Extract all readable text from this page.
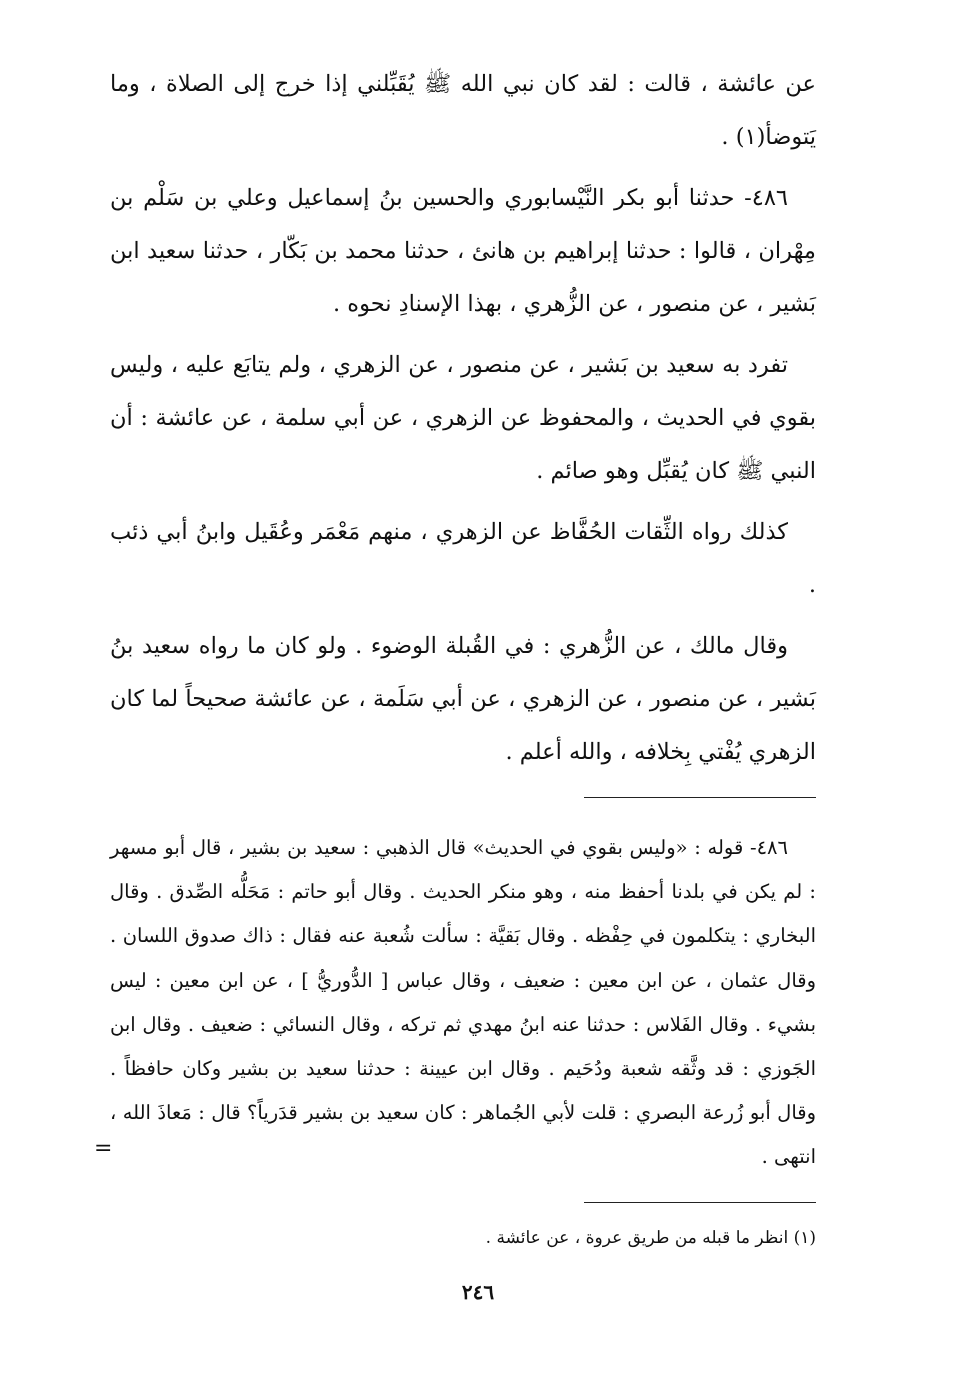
عن عائشة ، قالت : لقد كان نبي الله ﷺ يُقَبِّلني إذا خرج إلى الصلاة ، وما يَتوضأ(١) .

٤٨٦- حدثنا أبو بكر النَّيْسابوري والحسين بنُ إسماعيل وعلي بن سَلْم بن مِهْران ، قالوا : حدثنا إبراهيم بن هانئ ، حدثنا محمد بن بَكّار ، حدثنا سعيد ابن بَشير ، عن منصور ، عن الزُّهري ، بهذا الإسنادِ نحوه .

تفرد به سعيد بن بَشير ، عن منصور ، عن الزهري ، ولم يتابَع عليه ، وليس بقوي في الحديث ، والمحفوظ عن الزهري ، عن أبي سلمة ، عن عائشة : أن النبي ﷺ كان يُقبِّل وهو صائم .

كذلك رواه الثِّقات الحُفَّاظ عن الزهري ، منهم مَعْمَر وعُقَيل وابنُ أبي ذئب .

وقال مالك ، عن الزُّهري : في القُبلة الوضوء . ولو كان ما رواه سعيد بنُ بَشير ، عن منصور ، عن الزهري ، عن أبي سَلَمة ، عن عائشة صحيحاً لما كان الزهري يُفْتي بِخلافه ، والله أعلم .

٤٨٦- قوله : «وليس بقوي في الحديث» قال الذهبي : سعيد بن بشير ، قال أبو مسهر : لم يكن في بلدنا أحفظ منه ، وهو منكر الحديث . وقال أبو حاتم : مَحَلُّه الصِّدق . وقال البخاري : يتكلمون في حِفْظه . وقال بَقيَّة : سألت شُعبة عنه فقال : ذاك صدوق اللسان . وقال عثمان ، عن ابن معين : ضعيف ، وقال عباس [ الدُّوريُّ ] ، عن ابن معين : ليس بشيء . وقال الفَلاس : حدثنا عنه ابنُ مهدي ثم تركه ، وقال النسائي : ضعيف . وقال ابن الجَوزي : قد وثَّقه شعبة ودُحَيم . وقال ابن عيينة : حدثنا سعيد بن بشير وكان حافظاً . وقال أبو زُرعة البصري : قلت لأبي الجُماهر : كان سعيد بن بشير قدَرياً؟ قال : مَعاذَ الله ، انتهى .

(١) انظر ما قبله من طريق عروة ، عن عائشة .

=
٢٤٦
